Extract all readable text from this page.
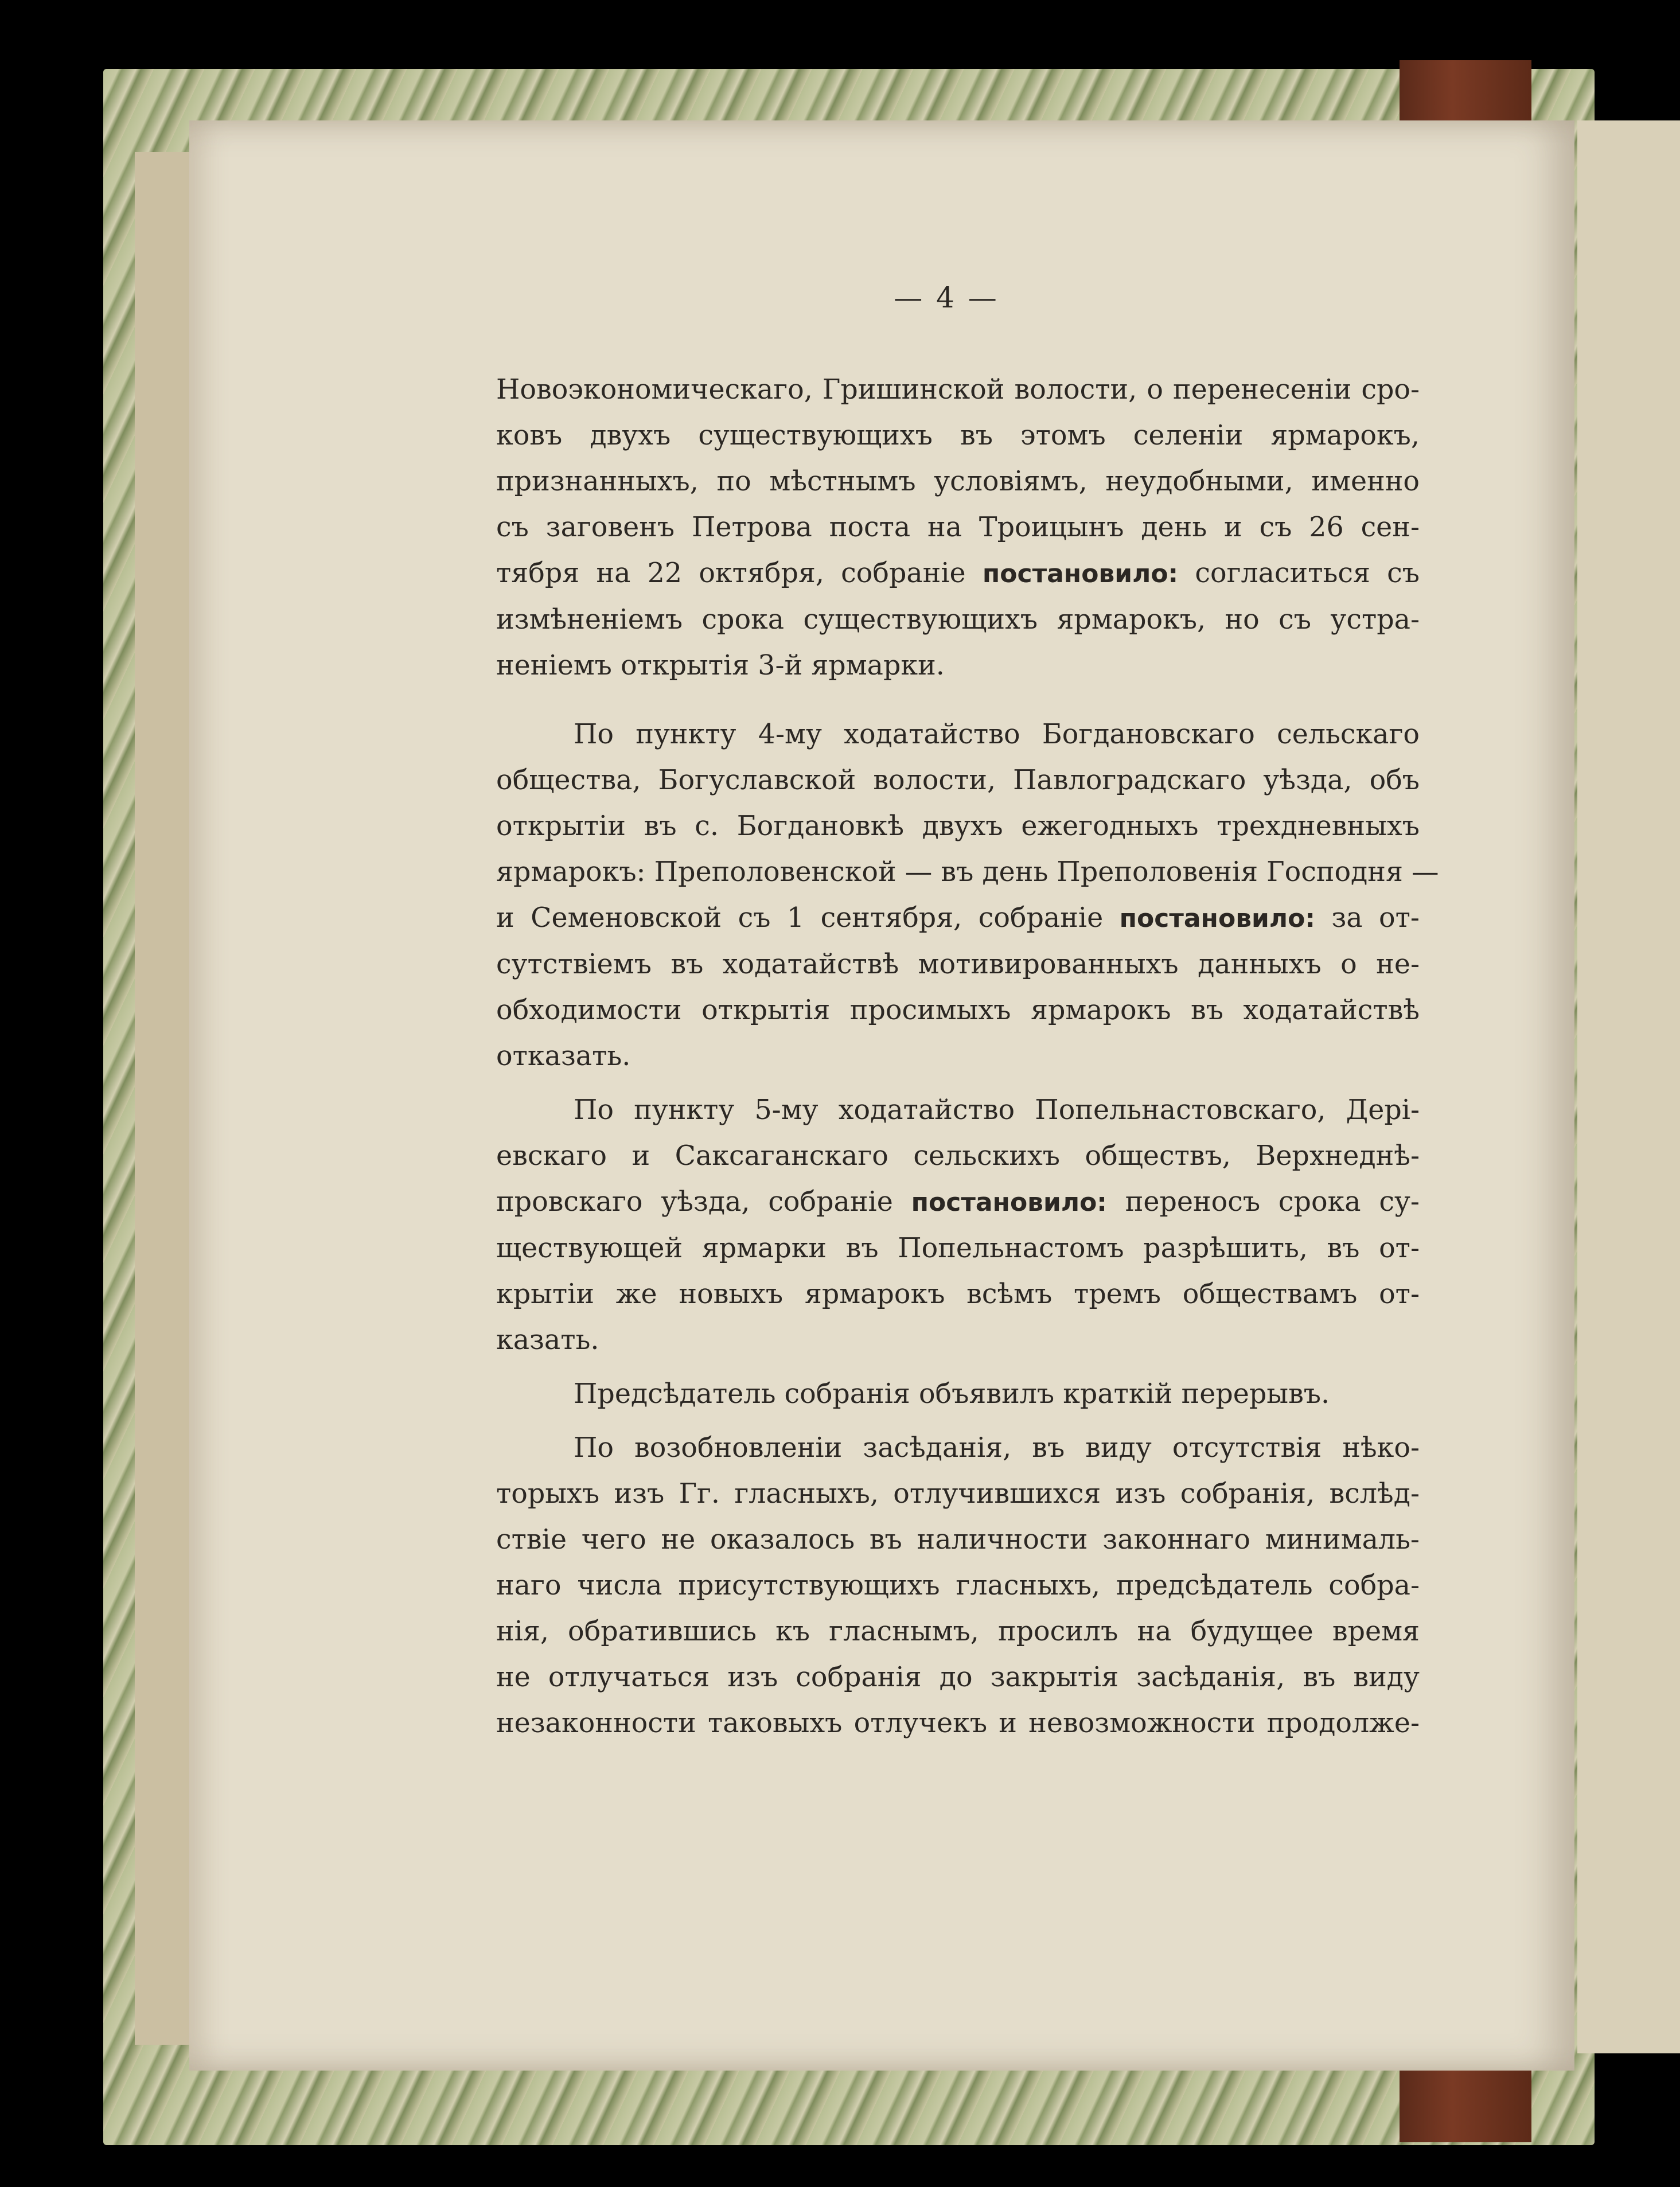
— 4 —

Новоэкономическаго, Гришинской волости, о перенесенiи сро-
ковъ двухъ существующихъ въ этомъ селенiи ярмарокъ,
признанныхъ, по мѣстнымъ условiямъ, неудобными, именно
съ заговенъ Петрова поста на Троицынъ день и съ 26 сен-
тября на 22 октября, собранiе постановило: согласиться съ
измѣненiемъ срока существующихъ ярмарокъ, но съ устра-
ненiемъ открытiя 3-й ярмарки.

По пункту 4-му ходатайство Богдановскаго сельскаго
общества, Богуславской волости, Павлоградскаго уѣзда, объ
открытiи въ с. Богдановкѣ двухъ ежегодныхъ трехдневныхъ
ярмарокъ: Преполовенской — въ день Преполовенiя Господня —
и Семеновской съ 1 сентября, собранiе постановило: за от-
сутствiемъ въ ходатайствѣ мотивированныхъ данныхъ о не-
обходимости открытiя просимыхъ ярмарокъ въ ходатайствѣ
отказать.

По пункту 5-му ходатайство Попельнастовскаго, Дерi-
евскаго и Саксаганскаго сельскихъ обществъ, Верхнеднѣ-
провскаго уѣзда, собранiе постановило: переносъ срока су-
ществующей ярмарки въ Попельнастомъ разрѣшить, въ от-
крытiи же новыхъ ярмарокъ всѣмъ тремъ обществамъ от-
казать.

Предсѣдатель собранiя объявилъ краткiй перерывъ.

По возобновленiи засѣданiя, въ виду отсутствiя нѣко-
торыхъ изъ Гг. гласныхъ, отлучившихся изъ собранiя, вслѣд-
ствiе чего не оказалось въ наличности законнаго минималь-
наго числа присутствующихъ гласныхъ, предсѣдатель собра-
нiя, обратившись къ гласнымъ, просилъ на будущее время
не отлучаться изъ собранiя до закрытiя засѣданiя, въ виду
незаконности таковыхъ отлучекъ и невозможности продолже-
